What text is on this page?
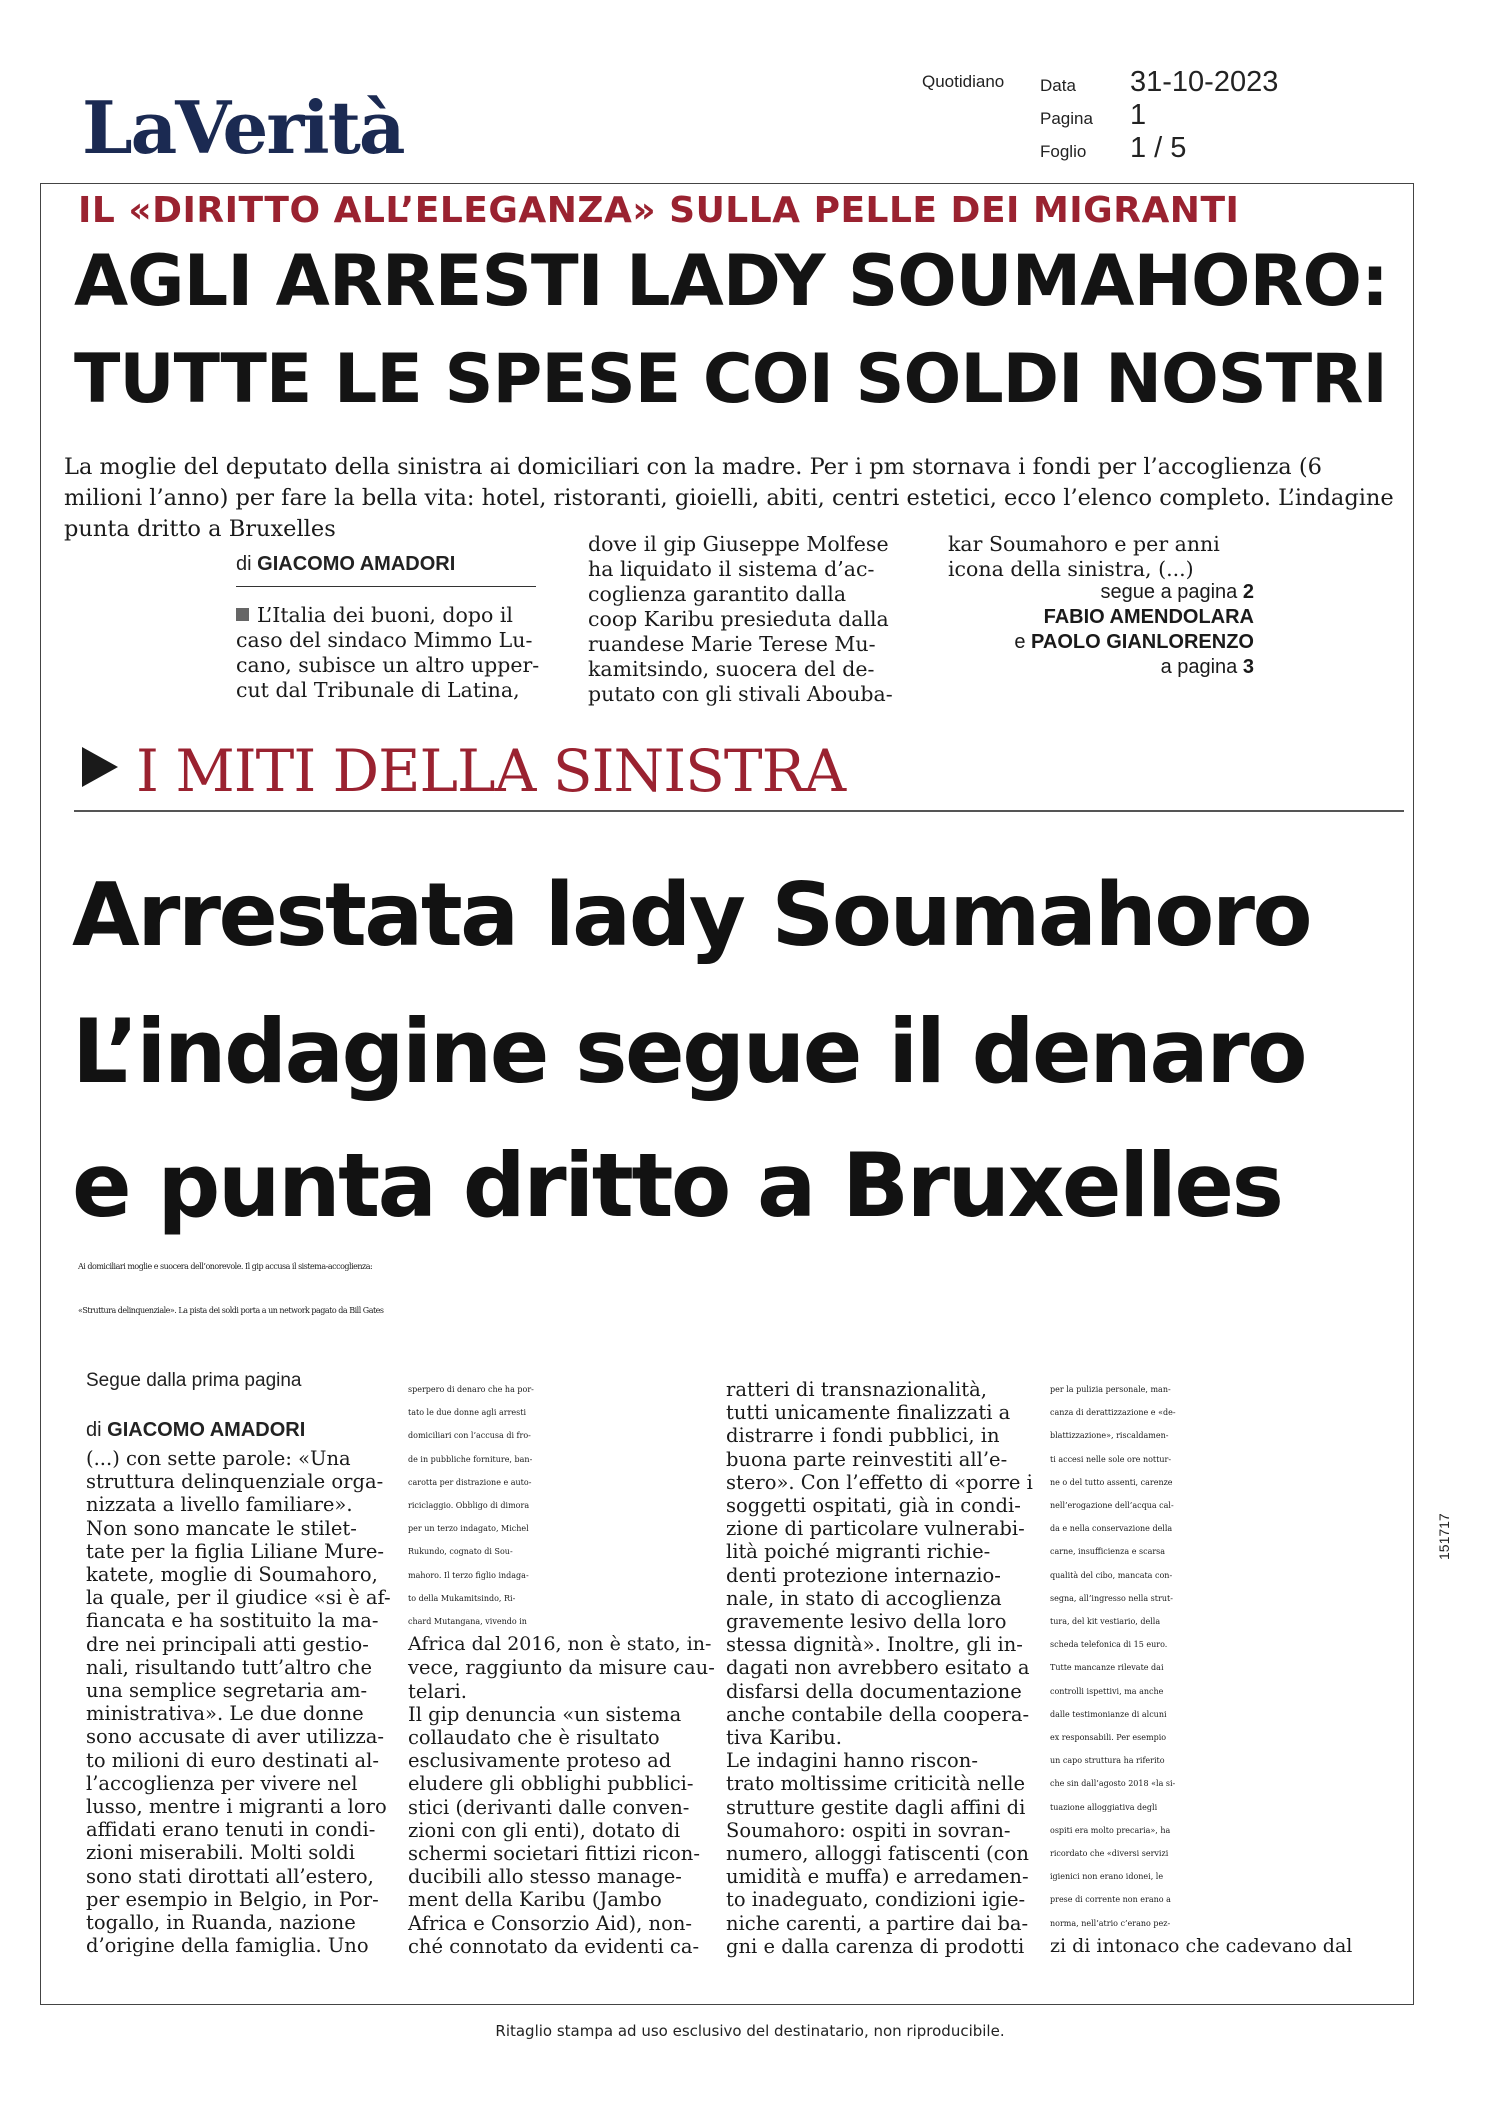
LaVerità
Quotidiano Data 31-10-2023
Pagina 1
Foglio 1 / 5
IL «DIRITTO ALL’ELEGANZA» SULLA PELLE DEI MIGRANTI
AGLI ARRESTI LADY SOUMAHORO:
TUTTE LE SPESE COI SOLDI NOSTRI
La moglie del deputato della sinistra ai domiciliari con la madre. Per i pm stornava i fondi per l’accoglienza (6 milioni l’anno) per fare la bella vita: hotel, ristoranti, gioielli, abiti, centri estetici, ecco l’elenco completo. L’indagine punta dritto a Bruxelles
di GIACOMO AMADORI
L’Italia dei buoni, dopo il

caso del sindaco Mimmo Lu-
cano, subisce un altro upper-
cut dal Tribunale di Latina,
dove il gip Giuseppe Molfese
ha liquidato il sistema d’ac-
coglienza garantito dalla
coop Karibu presieduta dalla
ruandese Marie Terese Mu-
kamitsindo, suocera del de-
putato con gli stivali Abouba-
kar Soumahoro e per anni
icona della sinistra, (...)
segue a pagina 2
FABIO AMENDOLARA
e PAOLO GIANLORENZO
a pagina 3
I MITI DELLA SINISTRA
Arrestata lady Soumahoro
L’indagine segue il denaro
e punta dritto a Bruxelles
Ai domiciliari moglie e suocera dell’onorevole. Il gip accusa il sistema-accoglienza:
«Struttura delinquenziale». La pista dei soldi porta a un network pagato da Bill Gates
Segue dalla prima pagina
di GIACOMO AMADORI
(...) con sette parole: «Una
struttura delinquenziale orga-
nizzata a livello familiare».
Non sono mancate le stilet-
tate per la figlia Liliane Mure-
katete, moglie di Soumahoro,
la quale, per il giudice «si è af-
fiancata e ha sostituito la ma-
dre nei principali atti gestio-
nali, risultando tutt’altro che
una semplice segretaria am-
ministrativa». Le due donne
sono accusate di aver utilizza-
to milioni di euro destinati al-
l’accoglienza per vivere nel
lusso, mentre i migranti a loro
affidati erano tenuti in condi-
zioni miserabili. Molti soldi
sono stati dirottati all’estero,
per esempio in Belgio, in Por-
togallo, in Ruanda, nazione
d’origine della famiglia. Uno
sperpero di denaro che ha por-
tato le due donne agli arresti
domiciliari con l’accusa di fro-
de in pubbliche forniture, ban-
carotta per distrazione e auto-
riciclaggio. Obbligo di dimora
per un terzo indagato, Michel
Rukundo, cognato di Sou-
mahoro. Il terzo figlio indaga-
to della Mukamitsindo, Ri-
chard Mutangana, vivendo in
Africa dal 2016, non è stato, in-
vece, raggiunto da misure cau-
telari.
Il gip denuncia «un sistema
collaudato che è risultato
esclusivamente proteso ad
eludere gli obblighi pubblici-
stici (derivanti dalle conven-
zioni con gli enti), dotato di
schermi societari fittizi ricon-
ducibili allo stesso manage-
ment della Karibu (Jambo
Africa e Consorzio Aid), non-
ché connotato da evidenti ca-
ratteri di transnazionalità,
tutti unicamente finalizzati a
distrarre i fondi pubblici, in
buona parte reinvestiti all’e-
stero». Con l’effetto di «porre i
soggetti ospitati, già in condi-
zione di particolare vulnerabi-
lità poiché migranti richie-
denti protezione internazio-
nale, in stato di accoglienza
gravemente lesivo della loro
stessa dignità». Inoltre, gli in-
dagati non avrebbero esitato a
disfarsi della documentazione
anche contabile della coopera-
tiva Karibu.
Le indagini hanno riscon-
trato moltissime criticità nelle
strutture gestite dagli affini di
Soumahoro: ospiti in sovran-
numero, alloggi fatiscenti (con
umidità e muffa) e arredamen-
to inadeguato, condizioni igie-
niche carenti, a partire dai ba-
gni e dalla carenza di prodotti
per la pulizia personale, man-
canza di derattizzazione e «de-
blattizzazione», riscaldamen-
ti accesi nelle sole ore nottur-
ne o del tutto assenti, carenze
nell’erogazione dell’acqua cal-
da e nella conservazione della
carne, insufficienza e scarsa
qualità del cibo, mancata con-
segna, all’ingresso nella strut-
tura, del kit vestiario, della
scheda telefonica di 15 euro.
Tutte mancanze rilevate dai
controlli ispettivi, ma anche
dalle testimonianze di alcuni
ex responsabili. Per esempio
un capo struttura ha riferito
che sin dall’agosto 2018 «la si-
tuazione alloggiativa degli
ospiti era molto precaria», ha
ricordato che «diversi servizi
igienici non erano idonei, le
prese di corrente non erano a
norma, nell’atrio c’erano pez-
zi di intonaco che cadevano dal
151717
Ritaglio stampa ad uso esclusivo del destinatario, non riproducibile.
